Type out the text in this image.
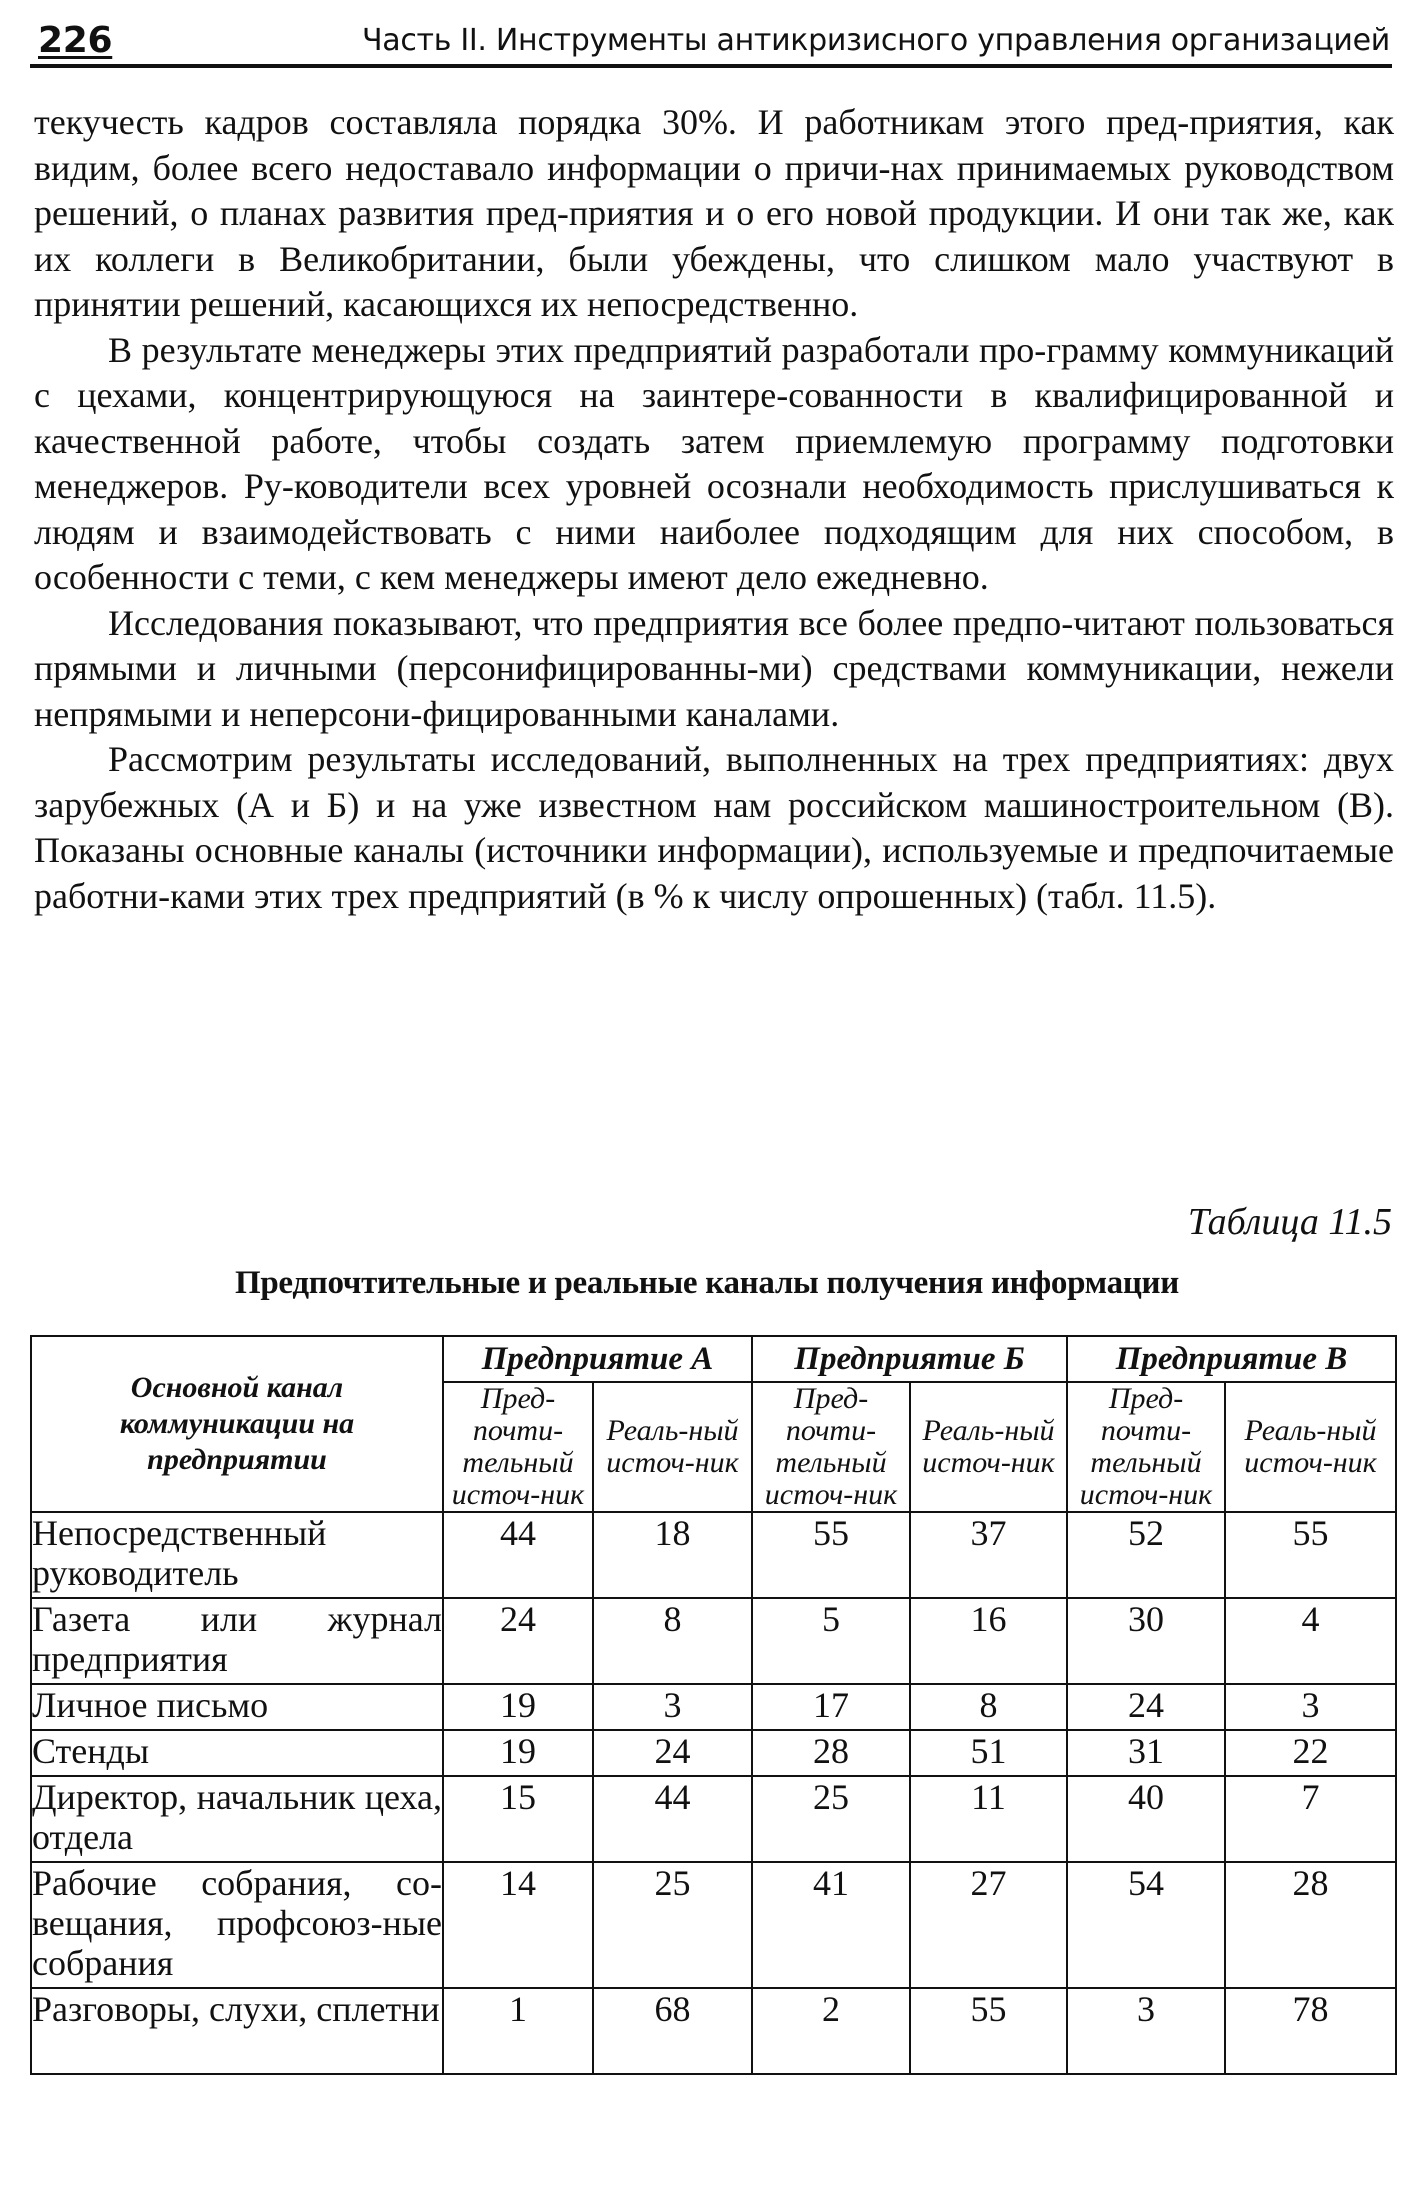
226	Часть II. Инструменты антикризисного управления организацией

текучесть кадров составляла порядка 30%. И работникам этого пред-приятия, как видим, более всего недоставало информации о причи-нах принимаемых руководством решений, о планах развития пред-приятия и о его новой продукции. И они так же, как их коллеги в Великобритании, были убеждены, что слишком мало участвуют в принятии решений, касающихся их непосредственно.

В результате менеджеры этих предприятий разработали про-грамму коммуникаций с цехами, концентрирующуюся на заинтере-сованности в квалифицированной и качественной работе, чтобы создать затем приемлемую программу подготовки менеджеров. Ру-ководители всех уровней осознали необходимость прислушиваться к людям и взаимодействовать с ними наиболее подходящим для них способом, в особенности с теми, с кем менеджеры имеют дело ежедневно.

Исследования показывают, что предприятия все более предпо-читают пользоваться прямыми и личными (персонифицированны-ми) средствами коммуникации, нежели непрямыми и неперсони-фицированными каналами.

Рассмотрим результаты исследований, выполненных на трех предприятиях: двух зарубежных (А и Б) и на уже известном нам российском машиностроительном (В). Показаны основные каналы (источники информации), используемые и предпочитаемые работни-ками этих трех предприятий (в % к числу опрошенных) (табл. 11.5).

Таблица 11.5
Предпочтительные и реальные каналы получения информации
Основной канал коммуникации на предприятии	Предприятие А		Предприятие Б		Предприятие В	
	Пред-почти-тельный источ-ник	Реаль-ный источ-ник	Пред-почти-тельный источ-ник	Реаль-ный источ-ник	Пред-почти-тельный источ-ник	Реаль-ный источ-ник
Непосредственный руководитель	44	18	55	37	52	55
Газета или журнал предприятия	24	8	5	16	30	4
Личное письмо	19	3	17	8	24	3
Стенды	19	24	28	51	31	22
Директор, начальник цеха, отдела	15	44	25	11	40	7
Рабочие собрания, со-вещания, профсоюз-ные собрания	14	25	41	27	54	28
Разговоры, слухи, сплетни	1	68	2	55	3	78
